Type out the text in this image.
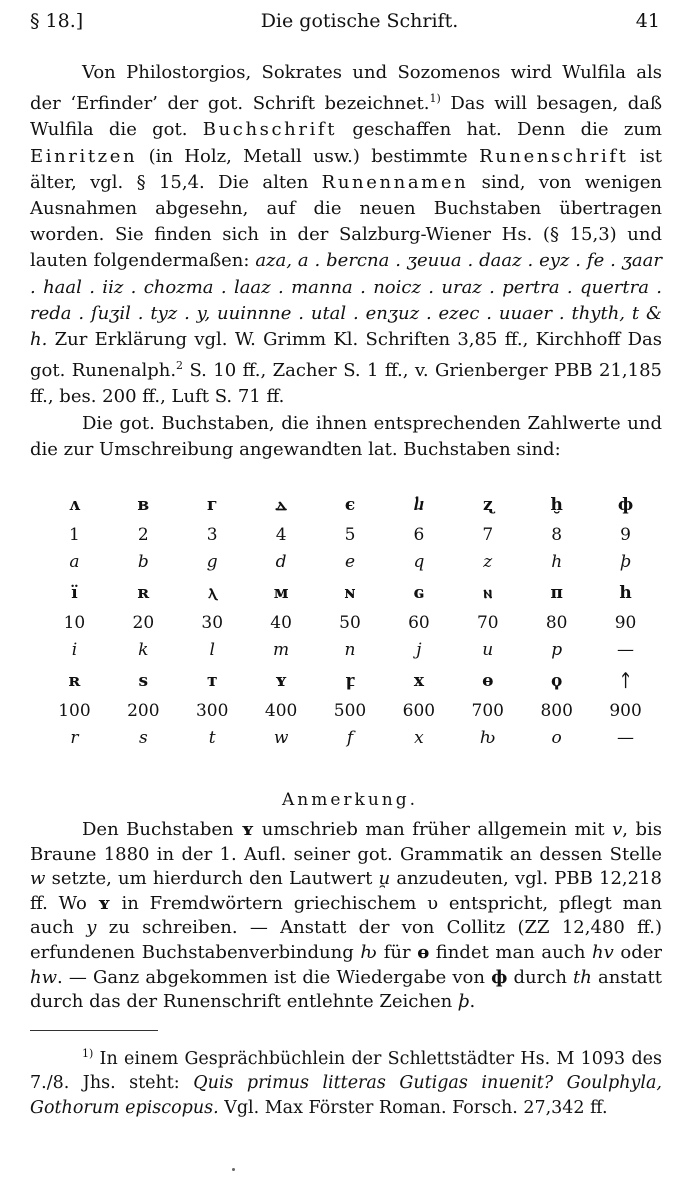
§ 18.]	Die gotische Schrift.	41

Von Philostorgios, Sokrates und Sozomenos wird Wulfila als der ‘Erfinder’ der got. Schrift bezeichnet.$^{1)}$ Das will besagen, daß Wulfila die got. Buchschrift geschaffen hat. Denn die zum Einritzen (in Holz, Metall usw.) bestimmte Runenschrift ist älter, vgl. § 15,4. Die alten Runennamen sind, von wenigen Ausnahmen abgesehn, auf die neuen Buchstaben übertragen worden. Sie finden sich in der Salzburg-Wiener Hs. (§ 15,3) und lauten folgendermaßen: aza, a . bercna . ʒeuua . daaz . eyz . fe . ʒaar . haal . iiz . chozma . laaz . manna . noicz . uraz . pertra . quertra . reda . ſuʒil . tyz . y, uuinnne . utal . enʒuz . ezec . uuaer . thyth, t & h. Zur Erklärung vgl. W. Grimm Kl. Schriften 3,85 ff., Kirchhoff Das got. Runenalph.$^2$ S. 10 ff., Zacher S. 1 ff., v. Grienberger PBB 21,185 ff., bes. 200 ff., Luft S. 71 ff.

Die got. Buchstaben, die ihnen entsprechenden Zahlwerte und die zur Umschreibung angewandten lat. Buchstaben sind:

ʌ	в	г	ⲇ	є	ⴑ	ʐ	ḫ	ф
1	2	3	4	5	6	7	8	9
a	b	g	d	e	q	z	h	þ
ï	ʀ	ⲗ	м	ɴ	ɢ	ⲛ	п	h
10	20	30	40	50	60	70	80	90
i	k	l	m	n	j	u	p	—
ʀ	s	т	ʏ	ꝼ	x	ө	ϙ	ᛏ
100	200	300	400	500	600	700	800	900
r	s	t	w	f	x	ƕ	o	—
Anmerkung.

Den Buchstaben ʏ umschrieb man früher allgemein mit v, bis Braune 1880 in der 1. Aufl. seiner got. Grammatik an dessen Stelle w setzte, um hierdurch den Lautwert u̯ anzudeuten, vgl. PBB 12,218 ff. Wo ʏ in Fremdwörtern griechischem υ entspricht, pflegt man auch y zu schreiben. — Anstatt der von Collitz (ZZ 12,480 ff.) erfundenen Buchstabenverbindung ƕ für ө findet man auch hv oder hw. — Ganz abgekommen ist die Wiedergabe von ф durch th anstatt durch das der Runenschrift entlehnte Zeichen þ.

$^{1)}$ In einem Gesprächbüchlein der Schlettstädter Hs. M 1093 des 7./8. Jhs. steht: Quis primus litteras Gutigas inuenit? Goulphyla, Gothorum episcopus. Vgl. Max Förster Roman. Forsch. 27,342 ff.
